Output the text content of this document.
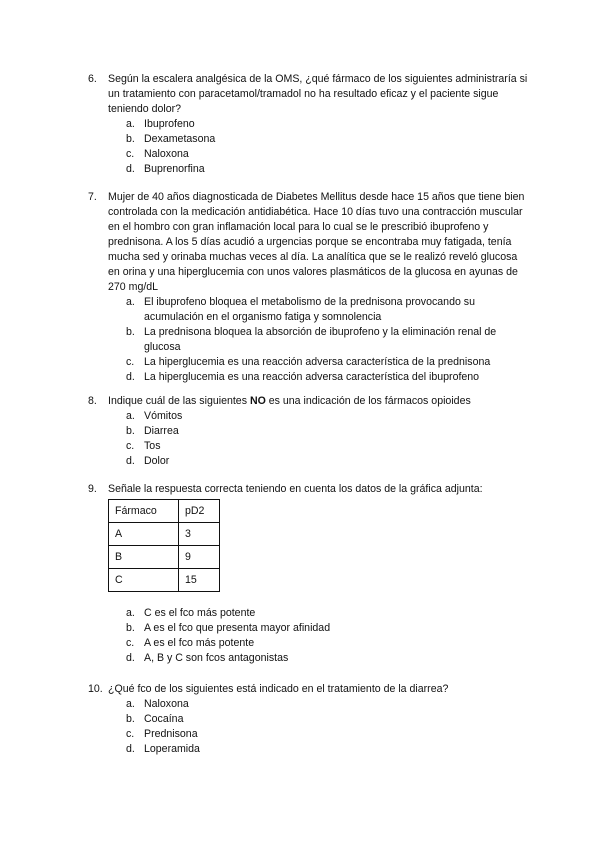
6.	Según la escalera analgésica de la OMS, ¿qué fármaco de los siguientes administraría si un tratamiento con paracetamol/tramadol no ha resultado eficaz y el paciente sigue teniendo dolor?
a. Ibuprofeno
b. Dexametasona
c. Naloxona
d. Buprenorfina
7.	Mujer de 40 años diagnosticada de Diabetes Mellitus desde hace 15 años que tiene bien controlada con la medicación antidiabética. Hace 10 días tuvo una contracción muscular en el hombro con gran inflamación local para lo cual se le prescribió ibuprofeno y prednisona. A los 5 días acudió a urgencias porque se encontraba muy fatigada, tenía mucha sed y orinaba muchas veces al día. La analítica que se le realizó reveló glucosa en orina y una hiperglucemia con unos valores plasmáticos de la glucosa en ayunas de 270 mg/dL
a. El ibuprofeno bloquea el metabolismo de la prednisona provocando su acumulación en el organismo fatiga y somnolencia
b. La prednisona bloquea la absorción de ibuprofeno y la eliminación renal de glucosa
c. La hiperglucemia es una reacción adversa característica de la prednisona
d. La hiperglucemia es una reacción adversa característica del ibuprofeno
8.	Indique cuál de las siguientes NO es una indicación de los fármacos opioides
a. Vómitos
b. Diarrea
c. Tos
d. Dolor
9.	Señale la respuesta correcta teniendo en cuenta los datos de la gráfica adjunta:
Fármaco	pD2
A	3
B	9
C	15
a. C es el fco más potente
b. A es el fco que presenta mayor afinidad
c. A es el fco más potente
d. A, B y C son fcos antagonistas
10. ¿Qué fco de los siguientes está indicado en el tratamiento de la diarrea?
a. Naloxona
b. Cocaína
c. Prednisona
d. Loperamida
